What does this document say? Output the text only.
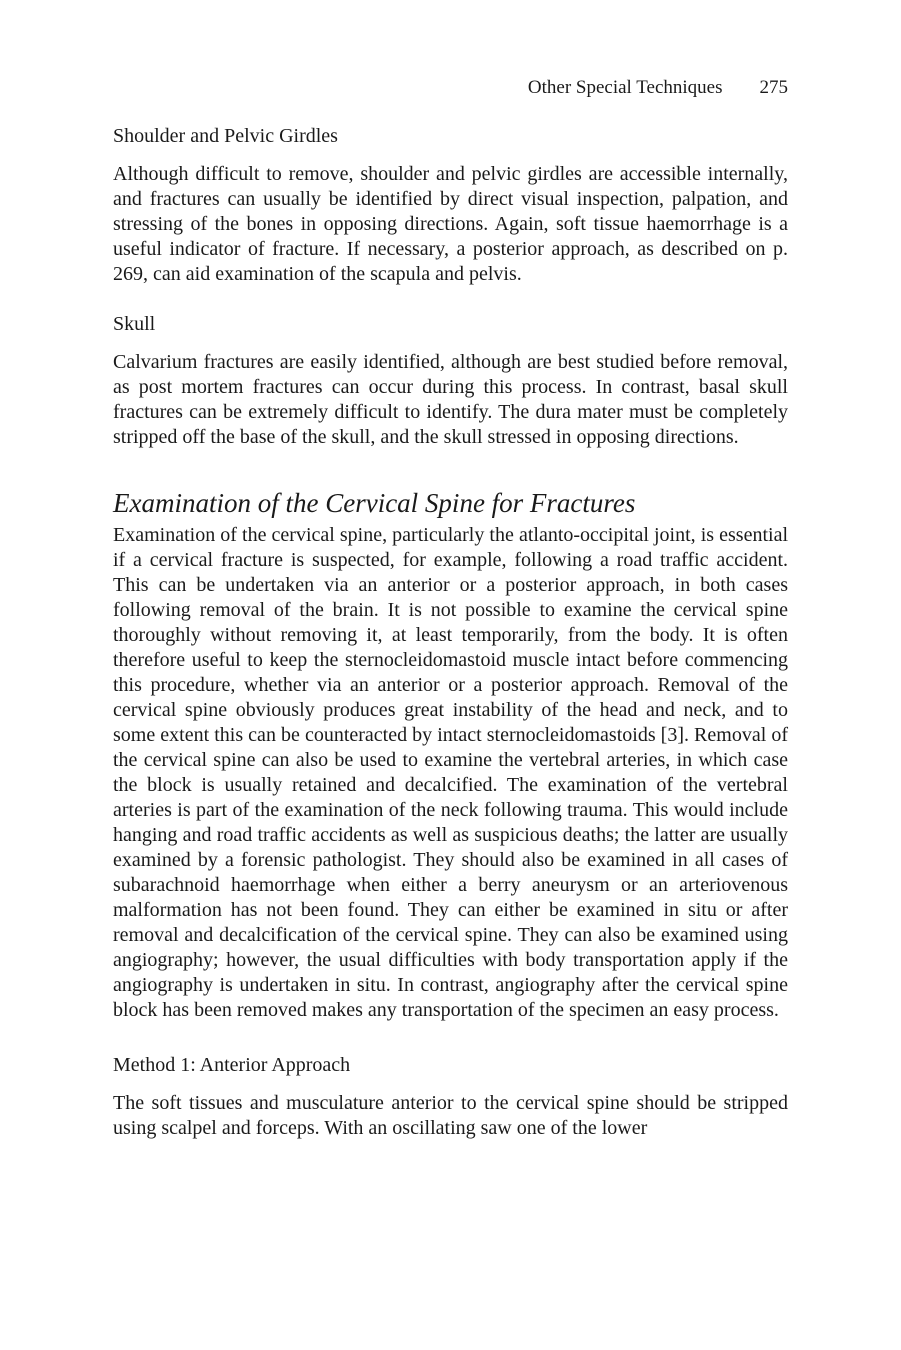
Other Special Techniques 275
Shoulder and Pelvic Girdles

Although difficult to remove, shoulder and pelvic girdles are accessible internally, and fractures can usually be identified by direct visual inspection, palpation, and stressing of the bones in opposing directions. Again, soft tissue haemorrhage is a useful indicator of fracture. If necessary, a posterior approach, as described on p. 269, can aid examination of the scapula and pelvis.

Skull

Calvarium fractures are easily identified, although are best studied before removal, as post mortem fractures can occur during this process. In contrast, basal skull fractures can be extremely difficult to identify. The dura mater must be completely stripped off the base of the skull, and the skull stressed in opposing directions.

Examination of the Cervical Spine for Fractures

Examination of the cervical spine, particularly the atlanto-occipital joint, is essential if a cervical fracture is suspected, for example, following a road traffic accident. This can be undertaken via an anterior or a posterior approach, in both cases following removal of the brain. It is not possible to examine the cervical spine thoroughly without removing it, at least temporarily, from the body. It is often therefore useful to keep the sternocleidomastoid muscle intact before commencing this procedure, whether via an anterior or a posterior approach. Removal of the cervical spine obviously produces great instability of the head and neck, and to some extent this can be counteracted by intact sternocleidomastoids [3]. Removal of the cervical spine can also be used to examine the vertebral arteries, in which case the block is usually retained and decalcified. The examination of the vertebral arteries is part of the examination of the neck following trauma. This would include hanging and road traffic accidents as well as suspicious deaths; the latter are usually examined by a forensic pathologist. They should also be examined in all cases of subarachnoid haemorrhage when either a berry aneurysm or an arteriovenous malformation has not been found. They can either be examined in situ or after removal and decalcification of the cervical spine. They can also be examined using angiography; however, the usual difficulties with body transportation apply if the angiography is undertaken in situ. In contrast, angiography after the cervical spine block has been removed makes any transportation of the specimen an easy process.

Method 1: Anterior Approach

The soft tissues and musculature anterior to the cervical spine should be stripped using scalpel and forceps. With an oscillating saw one of the lower
